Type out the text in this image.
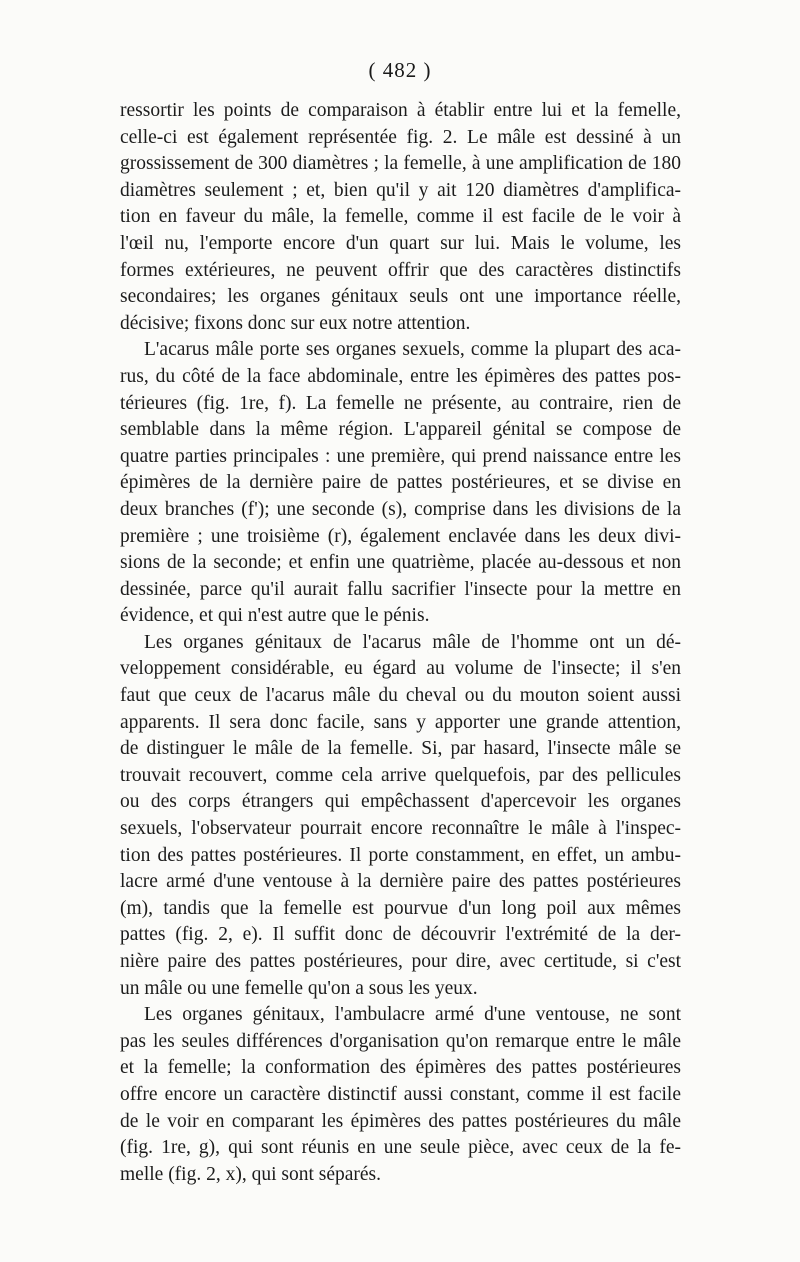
( 482 )
ressortir les points de comparaison à établir entre lui et la femelle,
celle-ci est également représentée fig. 2. Le mâle est dessiné à un
grossissement de 300 diamètres ; la femelle, à une amplification de 180
diamètres seulement ; et, bien qu'il y ait 120 diamètres d'amplifica-
tion en faveur du mâle, la femelle, comme il est facile de le voir à
l'œil nu, l'emporte encore d'un quart sur lui. Mais le volume, les
formes extérieures, ne peuvent offrir que des caractères distinctifs
secondaires; les organes génitaux seuls ont une importance réelle,
décisive; fixons donc sur eux notre attention.
L'acarus mâle porte ses organes sexuels, comme la plupart des aca-
rus, du côté de la face abdominale, entre les épimères des pattes pos-
térieures (fig. 1re, f). La femelle ne présente, au contraire, rien de
semblable dans la même région. L'appareil génital se compose de
quatre parties principales : une première, qui prend naissance entre les
épimères de la dernière paire de pattes postérieures, et se divise en
deux branches (f'); une seconde (s), comprise dans les divisions de la
première ; une troisième (r), également enclavée dans les deux divi-
sions de la seconde; et enfin une quatrième, placée au-dessous et non
dessinée, parce qu'il aurait fallu sacrifier l'insecte pour la mettre en
évidence, et qui n'est autre que le pénis.
Les organes génitaux de l'acarus mâle de l'homme ont un dé-
veloppement considérable, eu égard au volume de l'insecte; il s'en
faut que ceux de l'acarus mâle du cheval ou du mouton soient aussi
apparents. Il sera donc facile, sans y apporter une grande attention,
de distinguer le mâle de la femelle. Si, par hasard, l'insecte mâle se
trouvait recouvert, comme cela arrive quelquefois, par des pellicules
ou des corps étrangers qui empêchassent d'apercevoir les organes
sexuels, l'observateur pourrait encore reconnaître le mâle à l'inspec-
tion des pattes postérieures. Il porte constamment, en effet, un ambu-
lacre armé d'une ventouse à la dernière paire des pattes postérieures
(m), tandis que la femelle est pourvue d'un long poil aux mêmes
pattes (fig. 2, e). Il suffit donc de découvrir l'extrémité de la der-
nière paire des pattes postérieures, pour dire, avec certitude, si c'est
un mâle ou une femelle qu'on a sous les yeux.
Les organes génitaux, l'ambulacre armé d'une ventouse, ne sont
pas les seules différences d'organisation qu'on remarque entre le mâle
et la femelle; la conformation des épimères des pattes postérieures
offre encore un caractère distinctif aussi constant, comme il est facile
de le voir en comparant les épimères des pattes postérieures du mâle
(fig. 1re, g), qui sont réunis en une seule pièce, avec ceux de la fe-
melle (fig. 2, x), qui sont séparés.
